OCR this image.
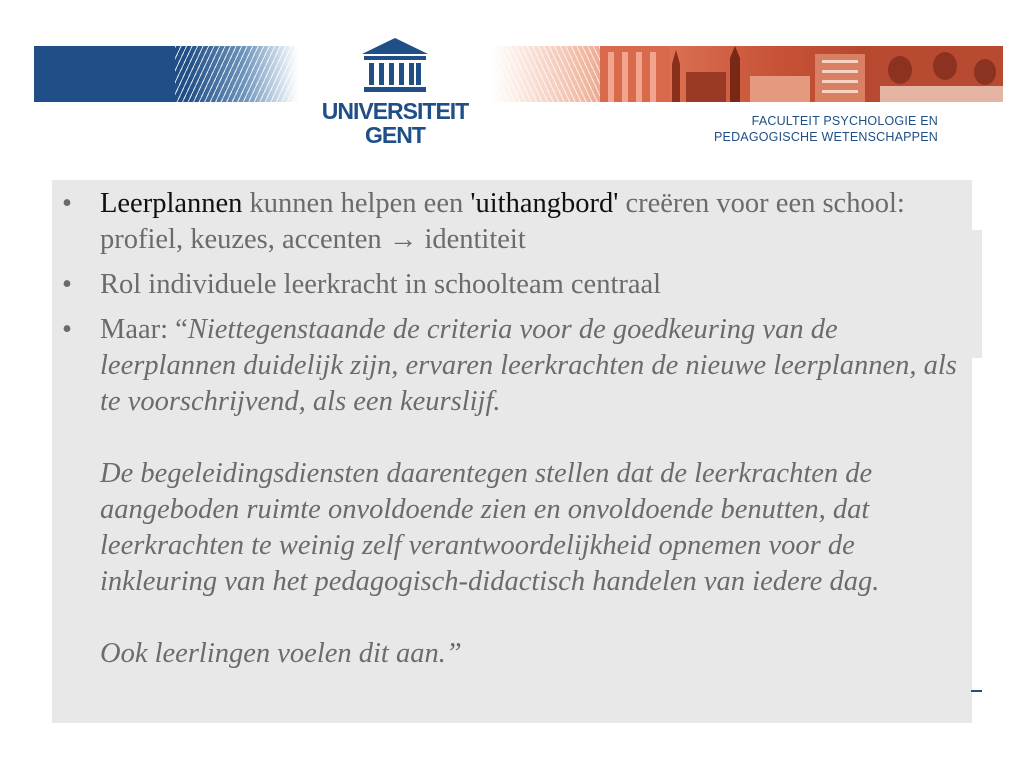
UNIVERSITEIT
GENT
FACULTEIT PSYCHOLOGIE EN
PEDAGOGISCHE WETENSCHAPPEN
• Leerplannen kunnen helpen een 'uithangbord' creëren voor een school: profiel, keuzes, accenten → identiteit
• Rol individuele leerkracht in schoolteam centraal
• Maar: “Niettegenstaande de criteria voor de goedkeuring van de leerplannen duidelijk zijn, ervaren leerkrachten de nieuwe leerplannen, als te voorschrijvend, als een keurslijf.
De begeleidingsdiensten daarentegen stellen dat de leerkrachten de aangeboden ruimte onvoldoende zien en onvoldoende benutten, dat leerkrachten te weinig zelf verantwoordelijkheid opnemen voor de inkleuring van het pedagogisch-didactisch handelen van iedere dag.
Ook leerlingen voelen dit aan.”
